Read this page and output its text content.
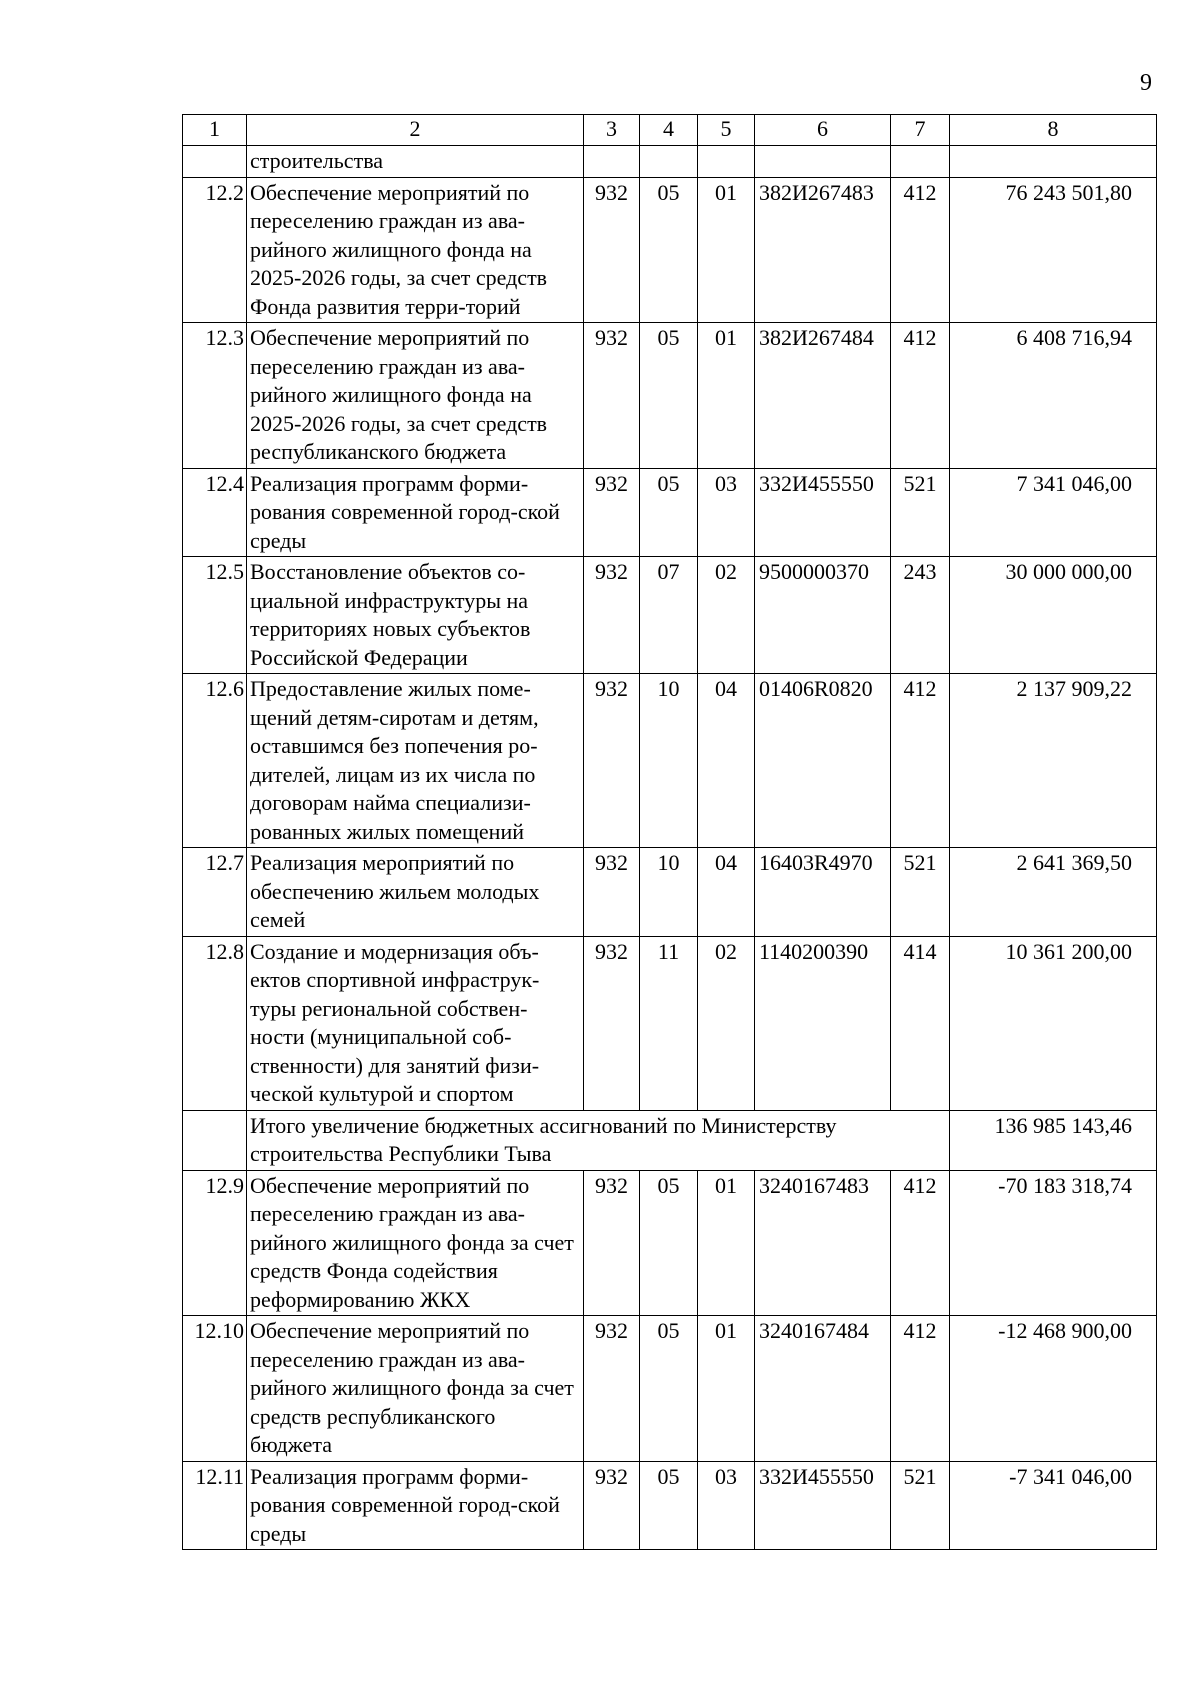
9
1	2	3	4	5	6	7	8
	строительства						
12.2	Обеспечение мероприятий по переселению граждан из ава-рийного жилищного фонда на 2025-2026 годы, за счет средств Фонда развития терри-торий	932	05	01	382И267483	412	76 243 501,80
12.3	Обеспечение мероприятий по переселению граждан из ава-рийного жилищного фонда на 2025-2026 годы, за счет средств республиканского бюджета	932	05	01	382И267484	412	6 408 716,94
12.4	Реализация программ форми-рования современной город-ской среды	932	05	03	332И455550	521	7 341 046,00
12.5	Восстановление объектов со-циальной инфраструктуры на территориях новых субъектов Российской Федерации	932	07	02	9500000370	243	30 000 000,00
12.6	Предоставление жилых поме-щений детям-сиротам и детям, оставшимся без попечения ро-дителей, лицам из их числа по договорам найма специализи-рованных жилых помещений	932	10	04	01406R0820	412	2 137 909,22
12.7	Реализация мероприятий по обеспечению жильем молодых семей	932	10	04	16403R4970	521	2 641 369,50
12.8	Создание и модернизация объ-ектов спортивной инфраструк-туры региональной собствен-ности (муниципальной соб-ственности) для занятий физи-ческой культурой и спортом	932	11	02	1140200390	414	10 361 200,00
	Итого увеличение бюджетных ассигнований по Министерству строительства Республики Тыва						136 985 143,46
12.9	Обеспечение мероприятий по переселению граждан из ава-рийного жилищного фонда за счет средств Фонда содействия реформированию ЖКХ	932	05	01	3240167483	412	-70 183 318,74
12.10	Обеспечение мероприятий по переселению граждан из ава-рийного жилищного фонда за счет средств республиканского бюджета	932	05	01	3240167484	412	-12 468 900,00
12.11	Реализация программ форми-рования современной город-ской среды	932	05	03	332И455550	521	-7 341 046,00
